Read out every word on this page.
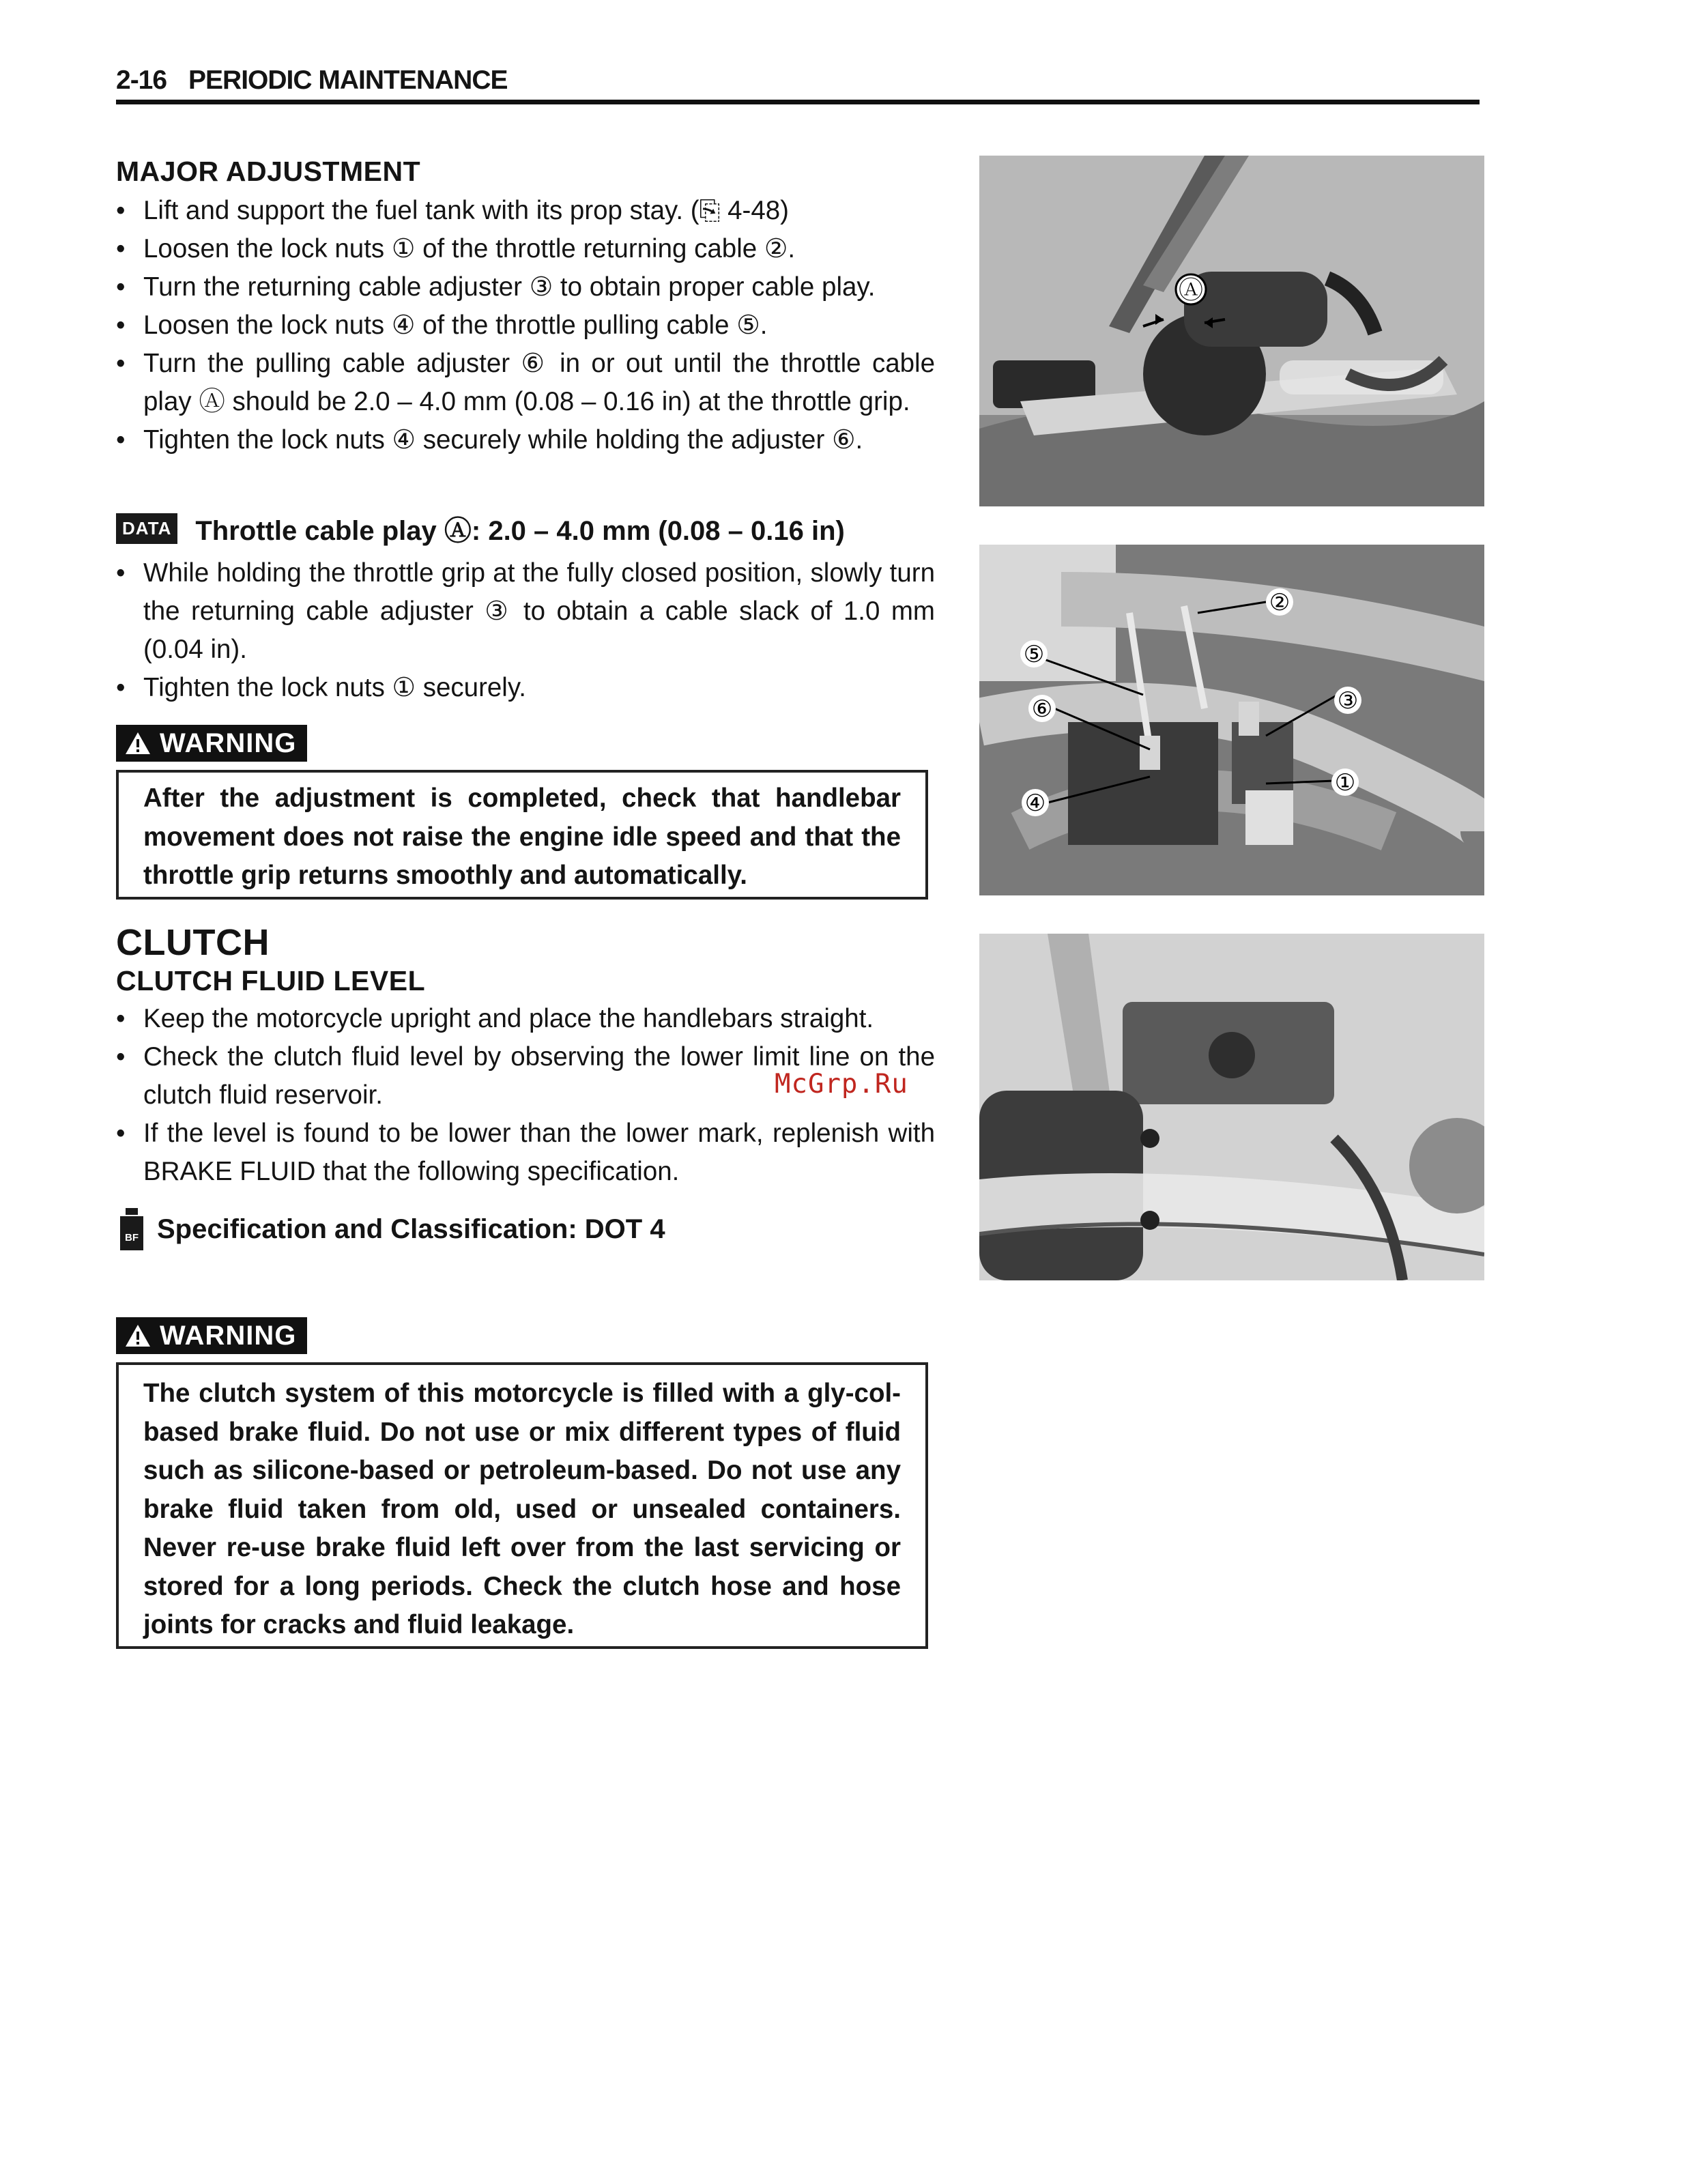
2-16 PERIODIC MAINTENANCE
MAJOR ADJUSTMENT
• Lift and support the fuel tank with its prop stay. (⎘ 4-48)
• Loosen the lock nuts ① of the throttle returning cable ②.
• Turn the returning cable adjuster ③ to obtain proper cable play.
• Loosen the lock nuts ④ of the throttle pulling cable ⑤.
• Turn the pulling cable adjuster ⑥ in or out until the throttle cable play Ⓐ should be 2.0 – 4.0 mm (0.08 – 0.16 in) at the throttle grip.
• Tighten the lock nuts ④ securely while holding the adjuster ⑥.
DATA Throttle cable play Ⓐ: 2.0 – 4.0 mm (0.08 – 0.16 in)
• While holding the throttle grip at the fully closed position, slowly turn the returning cable adjuster ③ to obtain a cable slack of 1.0 mm (0.04 in).
• Tighten the lock nuts ① securely.
WARNING
After the adjustment is completed, check that handlebar movement does not raise the engine idle speed and that the throttle grip returns smoothly and automatically.
CLUTCH
CLUTCH FLUID LEVEL
• Keep the motorcycle upright and place the handlebars straight.
• Check the clutch fluid level by observing the lower limit line on the clutch fluid reservoir.
• If the level is found to be lower than the lower mark, replenish with BRAKE FLUID that the following specification.
BF Specification and Classification: DOT 4
WARNING
The clutch system of this motorcycle is filled with a gly-col-based brake fluid. Do not use or mix different types of fluid such as silicone-based or petroleum-based. Do not use any brake fluid taken from old, used or unsealed containers. Never re-use brake fluid left over from the last servicing or stored for a long periods. Check the clutch hose and hose joints for cracks and fluid leakage.
Ⓐ
②
⑤
③
⑥
①
④
McGrp.Ru
